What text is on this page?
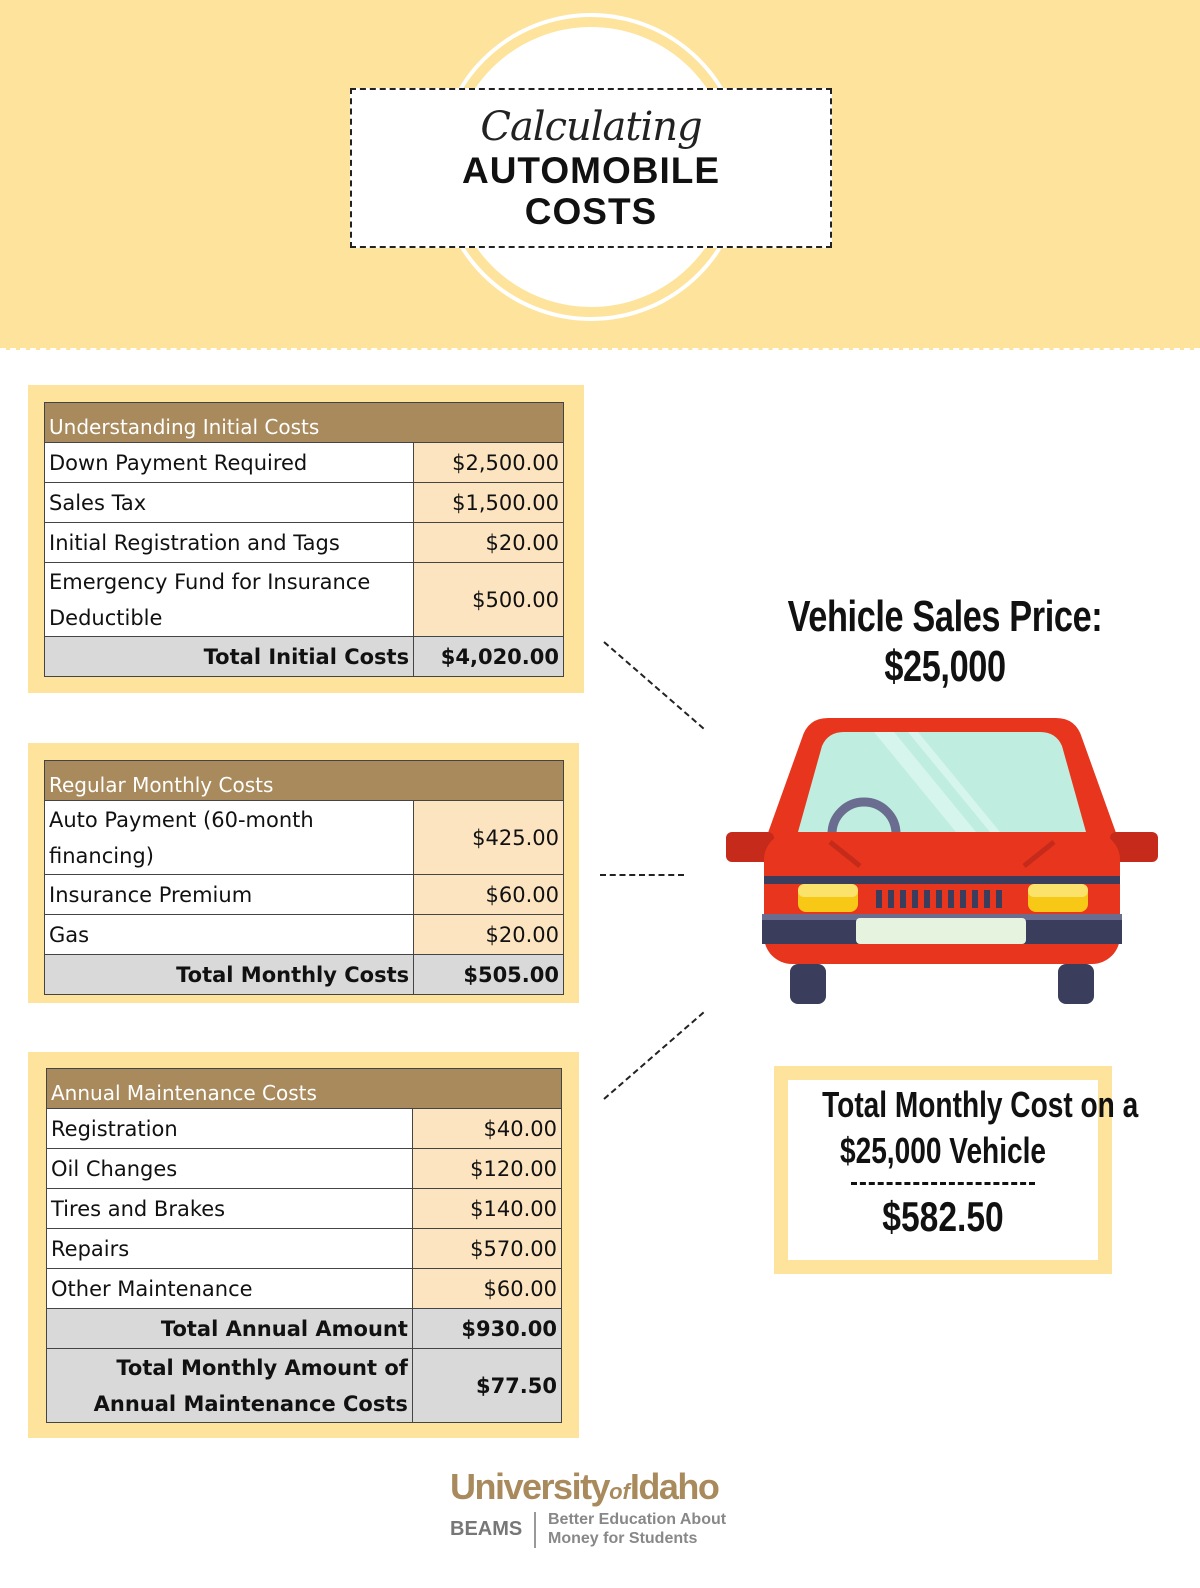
Calculating
AUTOMOBILE
COSTS
Understanding Initial Costs	
Down Payment Required	$2,500.00
Sales Tax	$1,500.00
Initial Registration and Tags	$20.00
Emergency Fund for Insurance Deductible	$500.00
Total Initial Costs	$4,020.00
Regular Monthly Costs	
Auto Payment (60-month financing)	$425.00
Insurance Premium	$60.00
Gas	$20.00
Total Monthly Costs	$505.00
Annual Maintenance Costs	
Registration	$40.00
Oil Changes	$120.00
Tires and Brakes	$140.00
Repairs	$570.00
Other Maintenance	$60.00
Total Annual Amount	$930.00
Total Monthly Amount of Annual Maintenance Costs	$77.50
Vehicle Sales Price: $25,000
Total Monthly Cost on a
$25,000 Vehicle
$582.50
UniversityofIdaho
BEAMS Better Education About
Money for Students
